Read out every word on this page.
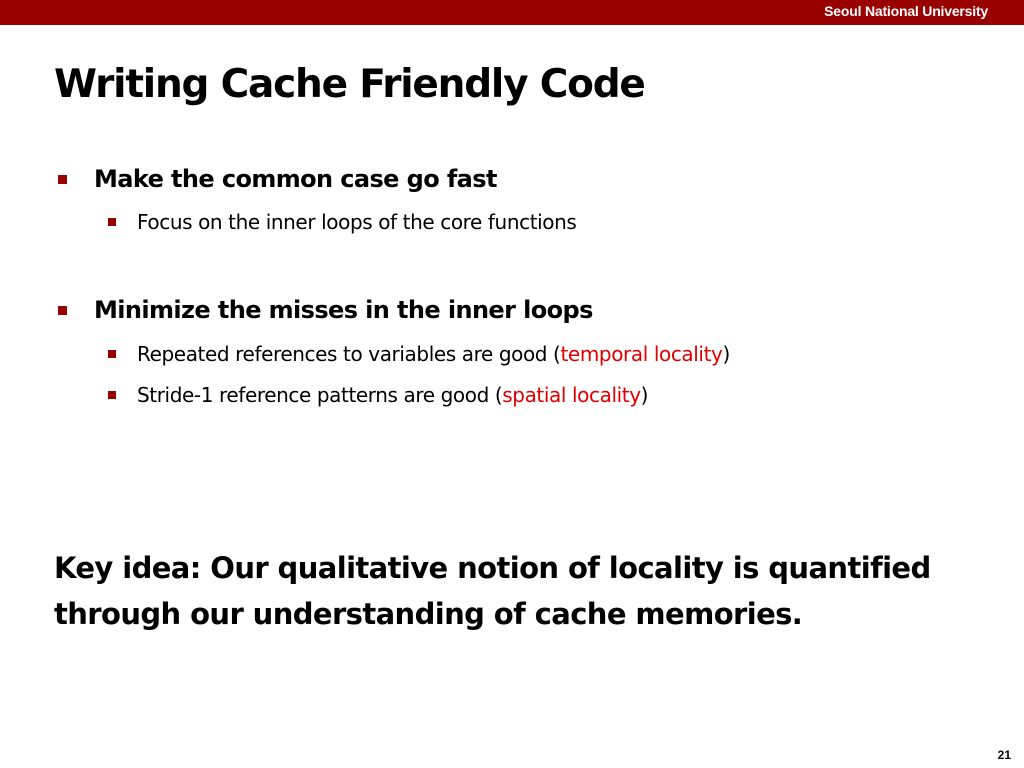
Seoul National University
Writing Cache Friendly Code
Make the common case go fast
Focus on the inner loops of the core functions
Minimize the misses in the inner loops
Repeated references to variables are good (temporal locality)
Stride-1 reference patterns are good (spatial locality)

Key idea: Our qualitative notion of locality is quantified through our understanding of cache memories.

21
